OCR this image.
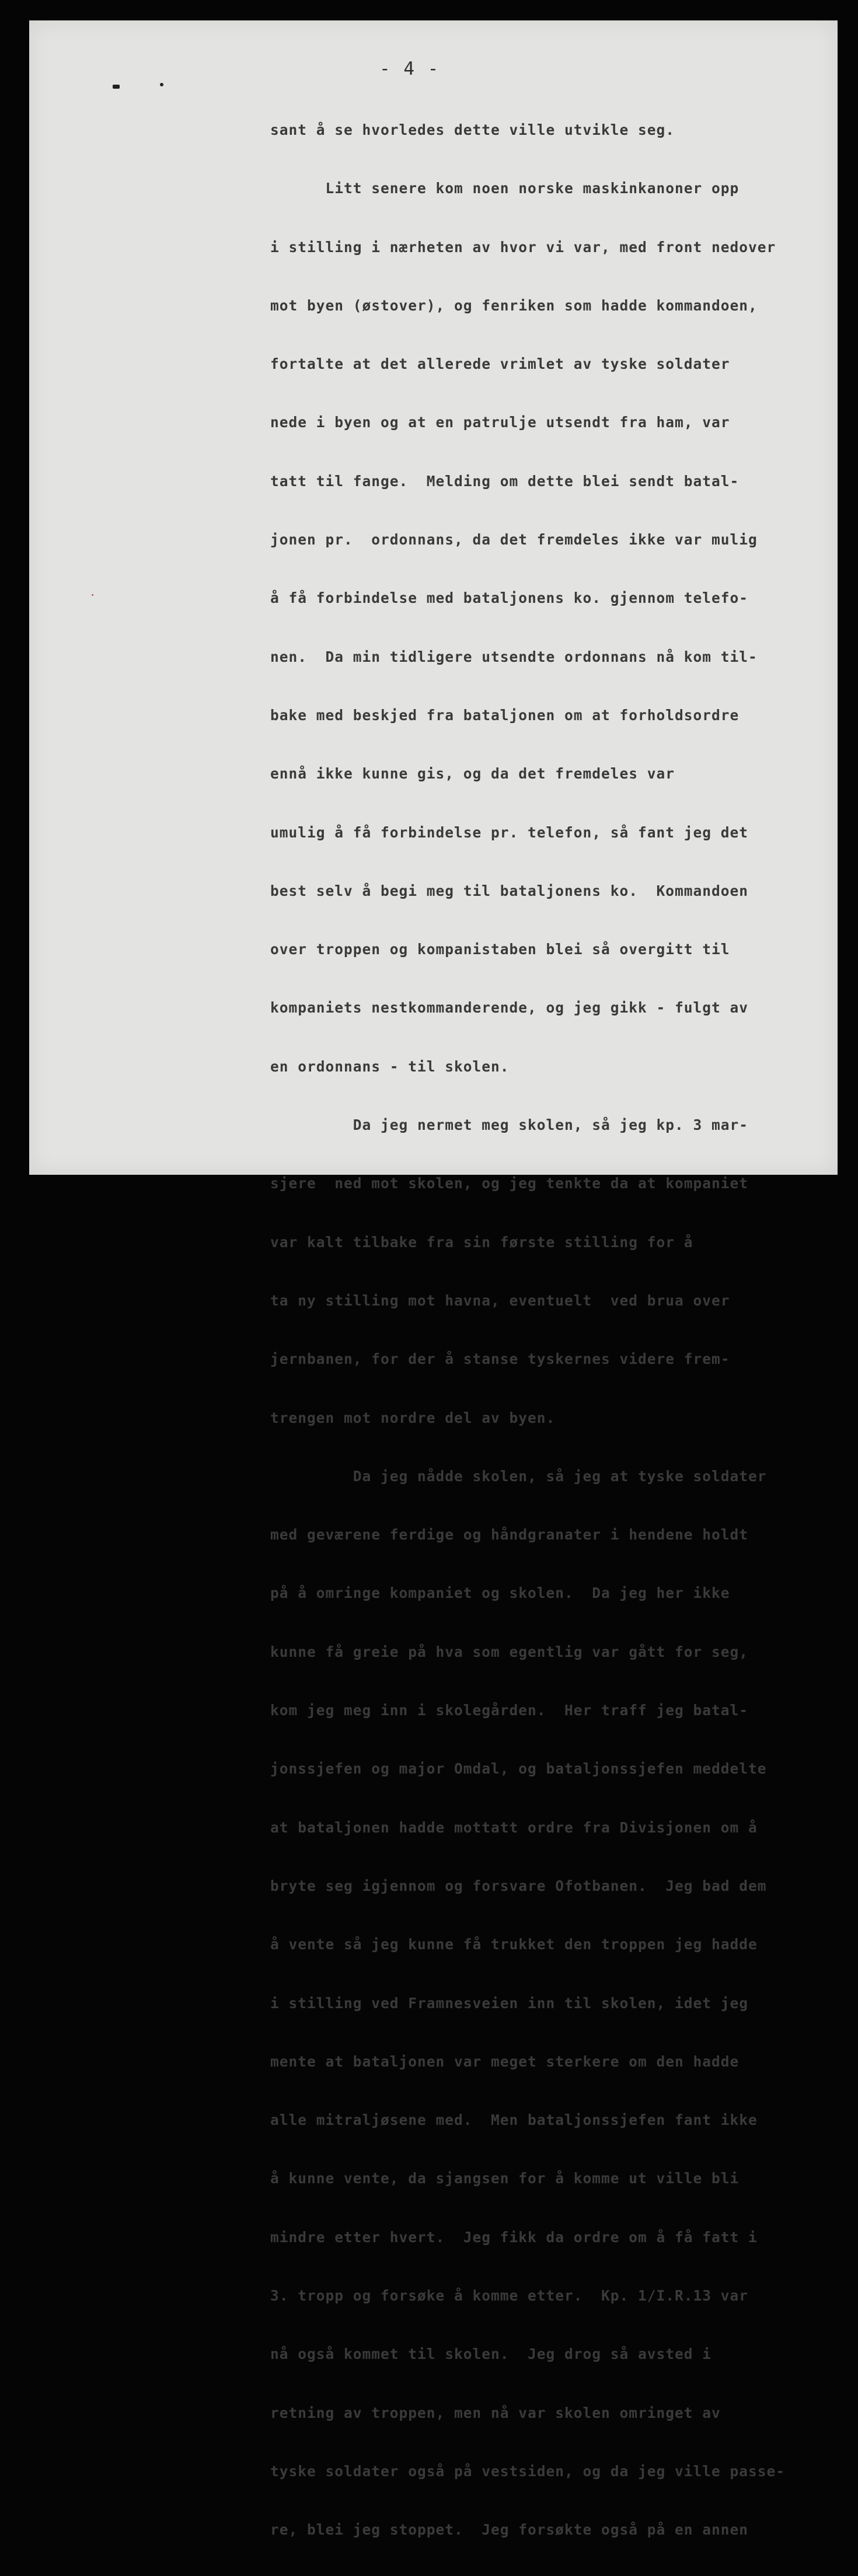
- 4 -

sant å se hvorledes dette ville utvikle seg.

Litt senere kom noen norske maskinkanoner opp

i stilling i nærheten av hvor vi var, med front nedover

mot byen (østover), og fenriken som hadde kommandoen,

fortalte at det allerede vrimlet av tyske soldater

nede i byen og at en patrulje utsendt fra ham, var

tatt til fange.  Melding om dette blei sendt batal-

jonen pr.  ordonnans, da det fremdeles ikke var mulig

å få forbindelse med bataljonens ko. gjennom telefo-

nen.  Da min tidligere utsendte ordonnans nå kom til-

bake med beskjed fra bataljonen om at forholdsordre

ennå ikke kunne gis, og da det fremdeles var

umulig å få forbindelse pr. telefon, så fant jeg det

best selv å begi meg til bataljonens ko.  Kommandoen

over troppen og kompanistaben blei så overgitt til

kompaniets nestkommanderende, og jeg gikk - fulgt av

en ordonnans - til skolen.

Da jeg nermet meg skolen, så jeg kp. 3 mar-

sjere  ned mot skolen, og jeg tenkte da at kompaniet

var kalt tilbake fra sin første stilling for å

ta ny stilling mot havna, eventuelt  ved brua over

jernbanen, for der å stanse tyskernes videre frem-

trengen mot nordre del av byen.

Da jeg nådde skolen, så jeg at tyske soldater

med geværene ferdige og håndgranater i hendene holdt

på å omringe kompaniet og skolen.  Da jeg her ikke

kunne få greie på hva som egentlig var gått for seg,

kom jeg meg inn i skolegården.  Her traff jeg batal-

jonssjefen og major Omdal, og bataljonssjefen meddelte

at bataljonen hadde mottatt ordre fra Divisjonen om å

bryte seg igjennom og forsvare Ofotbanen.  Jeg bad dem

å vente så jeg kunne få trukket den troppen jeg hadde

i stilling ved Framnesveien inn til skolen, idet jeg

mente at bataljonen var meget sterkere om den hadde

alle mitraljøsene med.  Men bataljonssjefen fant ikke

å kunne vente, da sjangsen for å komme ut ville bli

mindre etter hvert.  Jeg fikk da ordre om å få fatt i

3. tropp og forsøke å komme etter.  Kp. 1/I.R.13 var

nå også kommet til skolen.  Jeg drog så avsted i

retning av troppen, men nå var skolen omringet av

tyske soldater også på vestsiden, og da jeg ville passe-

re, blei jeg stoppet.  Jeg forsøkte også på en annen
